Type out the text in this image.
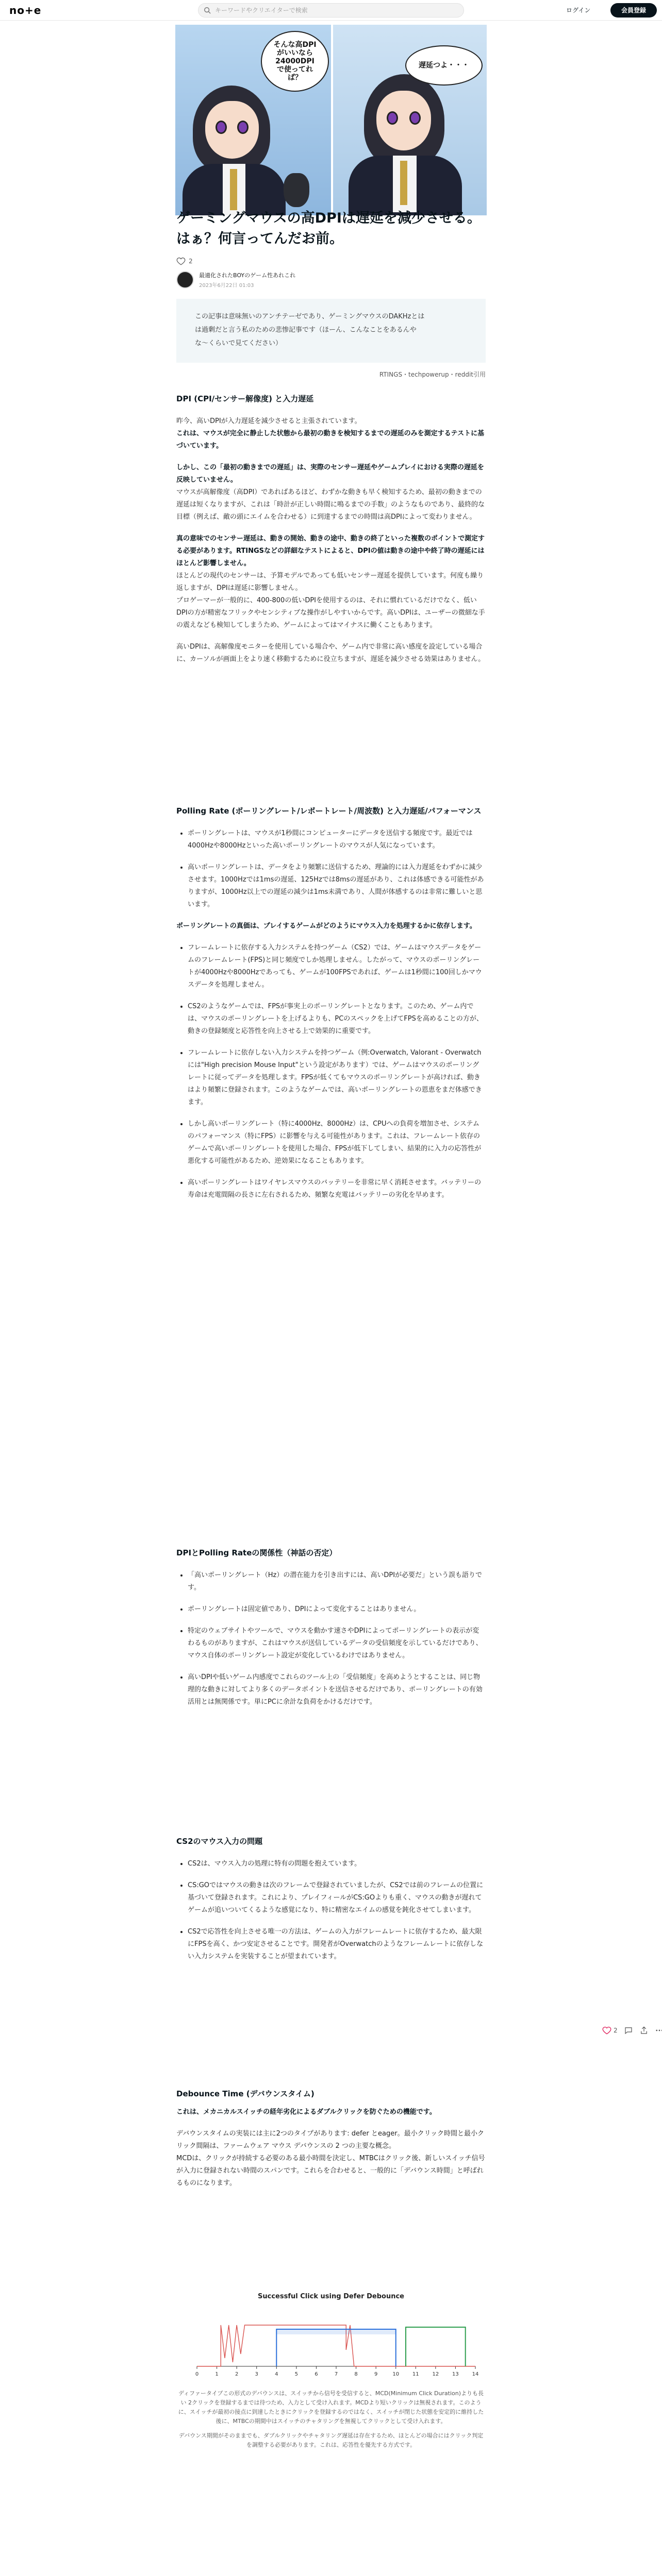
no+e
キーワードやクリエイターで検索	ログイン	会員登録
そんな高DPI
がいいなら
24000DPI
で使ってれ
ば？
遅延つよ・・・
ゲーミングマウスの高DPIは遅延を減少させる。はぁ？何言ってんだお前。
2
最適化されたBOYのゲーム性あれこれ
2023年6月22日 01:03
この記事は意味無いのアンチテーゼであり、ゲーミングマウスのDAKHzとは
は過剰だと言う私のための悲惨記事です（ほーん、こんなことをあるんや
な～くらいで見てください）
RTINGS・techpowerup・reddit引用
DPI (CPI/センサー解像度) と入力遅延

昨今、高いDPIが入力遅延を減少させると主張されています。

これは、マウスが完全に静止した状態から最初の動きを検知するまでの遅延のみを測定するテストに基づいています。

しかし、この「最初の動きまでの遅延」は、実際のセンサー遅延やゲームプレイにおける実際の遅延を反映していません。

マウスが高解像度（高DPI）であればあるほど、わずかな動きも早く検知するため、最初の動きまでの遅延は短くなりますが、これは「時計が正しい時間に鳴るまでの手数」のようなものであり、最終的な目標（例えば、敵の頭にエイムを合わせる）に到達するまでの時間は高DPIによって変わりません。

真の意味でのセンサー遅延は、動きの開始、動きの途中、動きの終了といった複数のポイントで測定する必要があります。RTINGSなどの詳細なテストによると、DPIの値は動きの途中や終了時の遅延にはほとんど影響しません。

ほとんどの現代のセンサーは、予算モデルであっても低いセンサー遅延を提供しています。何度も繰り返しますが、DPIは遅延に影響しません。

プロゲーマーが一般的に、400-800の低いDPIを使用するのは、それに慣れているだけでなく、低いDPIの方が精密なフリックやセンシティブな操作がしやすいからです。高いDPIは、ユーザーの微細な手の震えなども検知してしまうため、ゲームによってはマイナスに働くこともあります。

高いDPIは、高解像度モニターを使用している場合や、ゲーム内で非常に高い感度を設定している場合に、カーソルが画面上をより速く移動するために役立ちますが、遅延を減少させる効果はありません。

Polling Rate (ポーリングレート/レポートレート/周波数) と入力遅延/パフォーマンス
• ポーリングレートは、マウスが1秒間にコンピューターにデータを送信する頻度です。最近では4000Hzや8000Hzといった高いポーリングレートのマウスが人気になっています。
• 高いポーリングレートは、データをより頻繁に送信するため、理論的には入力遅延をわずかに減少させます。1000Hzでは1msの遅延、125Hzでは8msの遅延があり、これは体感できる可能性がありますが、1000Hz以上での遅延の減少は1ms未満であり、人間が体感するのは非常に難しいと思います。

ポーリングレートの真価は、プレイするゲームがどのようにマウス入力を処理するかに依存します。

• フレームレートに依存する入力システムを持つゲーム（CS2）では、ゲームはマウスデータをゲームのフレームレート(FPS)と同じ頻度でしか処理しません。したがって、マウスのポーリングレートが4000Hzや8000Hzであっても、ゲームが100FPSであれば、ゲームは1秒間に100回しかマウスデータを処理しません。
• CS2のようなゲームでは、FPSが事実上のポーリングレートとなります。このため、ゲーム内では、マウスのポーリングレートを上げるよりも、PCのスペックを上げてFPSを高めることの方が、動きの登録頻度と応答性を向上させる上で効果的に重要です。
• フレームレートに依存しない入力システムを持つゲーム（例:Overwatch, Valorant - Overwatchには"High precision Mouse Input"という設定があります）では、ゲームはマウスのポーリングレートに従ってデータを処理します。FPSが低くてもマウスのポーリングレートが高ければ、動きはより頻繁に登録されます。このようなゲームでは、高いポーリングレートの恩恵をまだ体感できます。
• しかし高いポーリングレート（特に4000Hz、8000Hz）は、CPUへの負荷を増加させ、システムのパフォーマンス（特にFPS）に影響を与える可能性があります。これは、フレームレート依存のゲームで高いポーリングレートを使用した場合、FPSが低下してしまい、結果的に入力の応答性が悪化する可能性があるため、逆効果になることもあります。
• 高いポーリングレートはワイヤレスマウスのバッテリーを非常に早く消耗させます。バッテリーの寿命は充電間隔の長さに左右されるため、頻繁な充電はバッテリーの劣化を早めます。
DPIとPolling Rateの関係性（神話の否定）
• 「高いポーリングレート（Hz）の潜在能力を引き出すには、高いDPIが必要だ」という誤も語りです。
• ポーリングレートは固定値であり、DPIによって変化することはありません。
• 特定のウェブサイトやツールで、マウスを動かす速さやDPIによってポーリングレートの表示が変わるものがありますが、これはマウスが送信しているデータの受信頻度を示しているだけであり、マウス自体のポーリングレート設定が変化しているわけではありません。
• 高いDPIや低いゲーム内感度でこれらのツール上の「受信頻度」を高めようとすることは、同じ物理的な動きに対してより多くのデータポイントを送信させるだけであり、ポーリングレートの有効活用とは無関係です。単にPCに余計な負荷をかけるだけです。
CS2のマウス入力の問題
• CS2は、マウス入力の処理に特有の問題を抱えています。
• CS:GOではマウスの動きは次のフレームで登録されていましたが、CS2では前のフレームの位置に基づいて登録されます。これにより、プレイフィールがCS:GOよりも重く、マウスの動きが遅れてゲームが追いついてくるような感覚になり、特に精密なエイムの感覚を鈍化させてしまいます。
• CS2で応答性を向上させる唯一の方法は、ゲームの入力がフレームレートに依存するため、最大限にFPSを高く、かつ安定させることです。開発者がOverwatchのようなフレームレートに依存しない入力システムを実装することが望まれています。
Debounce Time (デバウンスタイム)

これは、メカニカルスイッチの経年劣化によるダブルクリックを防ぐための機能です。

デバウンスタイムの実装には主に2つのタイプがあります: defer とeager。最小クリック時間と最小クリック間隔は、ファームウェア マウス デバウンスの 2 つの主要な概念。

MCDは、クリックが持続する必要のある最小時間を決定し、MTBCはクリック後、新しいスイッチ信号が入力に登録されない時間のスパンです。これらを合わせると、一般的に「デバウンス時間」と呼ばれるものになります。

Successful Click using Defer Debounce
0	1	2	3	4	5	6	7	8	9	10	11	12	13	14
ディファータイプこの形式のデバウンスは、スイッチから信号を受信すると、MCD(Minimum Click Duration)よりも長い 2クリックを登録するまでは待つため、入力として受け入れます。MCDより短いクリックは無視されます。このように、スイッチが最初の接点に到達したときにクリックを登録するのではなく、スイッチが閉じた状態を安定的に維持した後に、MTBCの期間中はスイッチのチャタリングを無視してクリックとして受け入れます。
デバウンス期間がそのままでも、ダブルクリックやチャタリング遅延は存在するため、ほとんどの場合にはクリック判定を調整する必要があります。これは、応答性を優先する方式です。

2
